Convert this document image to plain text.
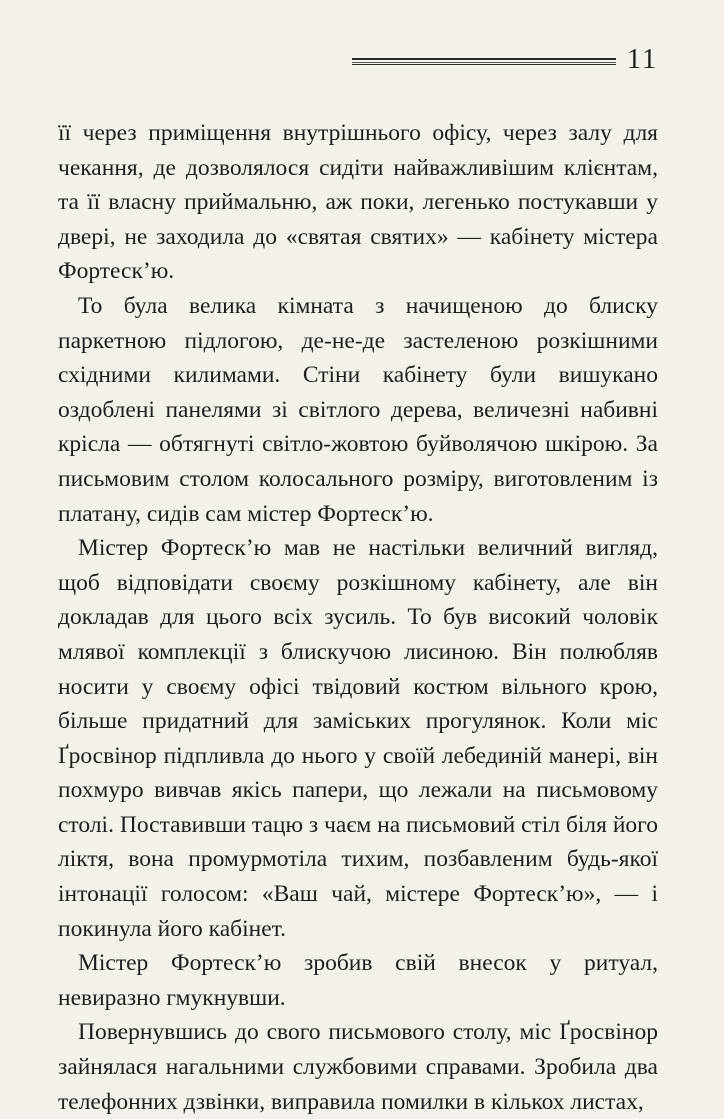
11

її через приміщення внутрішнього офісу, через залу для чекання, де дозволялося сидіти найважливішим клієнтам, та її власну приймальню, аж поки, легенько постукавши у двері, не заходила до «святая святих» — кабінету містера Фортеск’ю.

То була велика кімната з начищеною до блиску паркетною підлогою, де-не-де застеленою розкішними східними килимами. Стіни кабінету були вишукано оздоблені панелями зі світлого дерева, величезні набивні крісла — обтягнуті світло-жовтою буйволячою шкірою. За письмовим столом колосального розміру, виготовленим із платану, сидів сам містер Фортеск’ю.

Містер Фортеск’ю мав не настільки величний вигляд, щоб відповідати своєму розкішному кабінету, але він докладав для цього всіх зусиль. То був високий чоловік млявої комплекції з блискучою лисиною. Він полюбляв носити у своєму офісі твідовий костюм вільного крою, більше придатний для заміських прогулянок. Коли міс Ґросвінор підпливла до нього у своїй лебединій манері, він похмуро вивчав якісь папери, що лежали на письмовому столі. Поставивши тацю з чаєм на письмовий стіл біля його ліктя, вона промурмотіла тихим, позбавленим будь-якої інтонації голосом: «Ваш чай, містере Фортеск’ю», — і покинула його кабінет.

Містер Фортеск’ю зробив свій внесок у ритуал, невиразно гмукнувши.

Повернувшись до свого письмового столу, міс Ґросвінор зайнялася нагальними службовими справами. Зробила два телефонних дзвінки, виправила помилки в кількох листах,
